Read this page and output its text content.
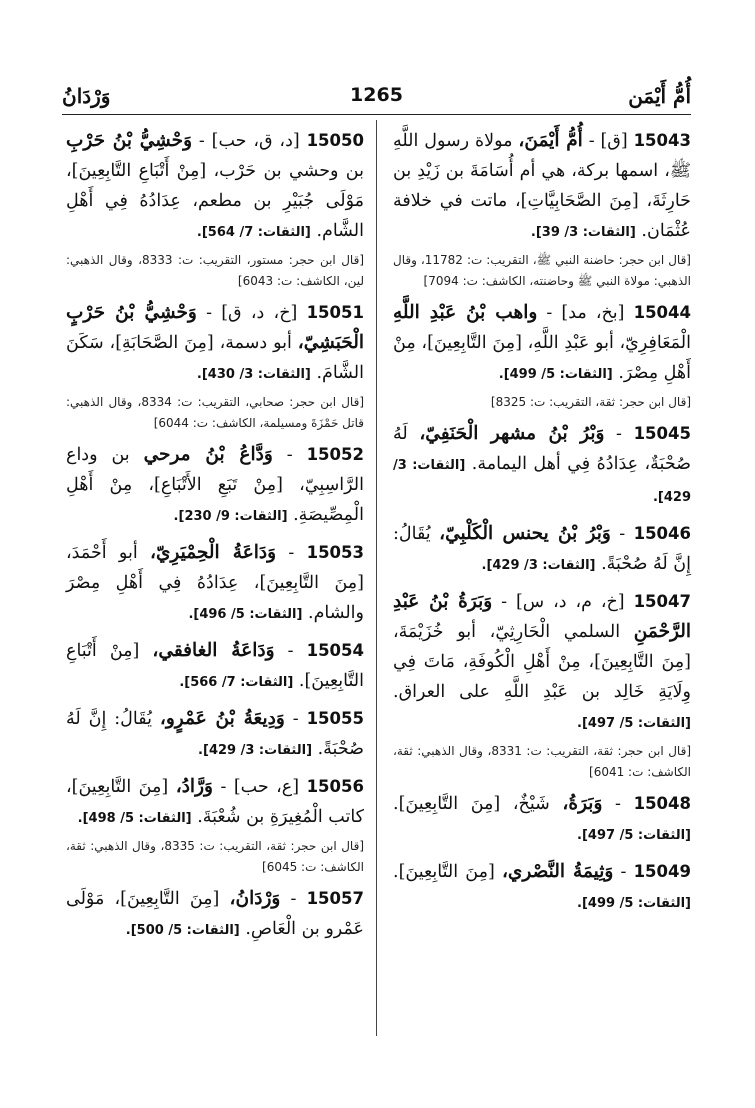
أُمُّ أَيْمَن
1265
وَرْدَانُ
15043 [ق] - أُمُّ أَيْمَنَ، مولاة رسول اللَّهِ ﷺ، اسمها بركة، هي أم أُسَامَةَ بن زَيْدِ بن حَارِثَةَ، [مِنَ الصَّحَابِيَّاتِ]، ماتت في خلافة عُثْمَان. [الثقات: 3/ 39].
[قال ابن حجر: حاضنة النبي ﷺ، التقريب: ت: 11782، وقال الذهبي: مولاة النبي ﷺ وحاضنته، الكاشف: ت: 7094]
15044 [بخ، مد] - واهب بْنُ عَبْدِ اللَّهِ الْمَعَافِرِيّ، أبو عَبْدِ اللَّهِ، [مِنَ التَّابِعِينَ]، مِنْ أَهْلِ مِصْرَ. [الثقات: 5/ 499].
[قال ابن حجر: ثقة، التقريب: ت: 8325]
15045 - وَبْرُ بْنُ مشهر الْحَنَفِيّ، لَهُ صُحْبَةٌ، عِدَادُهُ فِي أهل اليمامة. [الثقات: 3/ 429].
15046 - وَبْرُ بْنُ يحنس الْكَلْبِيّ، يُقَالُ: إِنَّ لَهُ صُحْبَةً. [الثقات: 3/ 429].
15047 [خ، م، د، س] - وَبَرَةُ بْنُ عَبْدِ الرَّحْمَنِ السلمي الْحَارِثِيّ، أبو خُزَيْمَةَ، [مِنَ التَّابِعِينَ]، مِنْ أَهْلِ الْكُوفَةِ، مَاتَ فِي وِلَايَةِ خَالِد بن عَبْدِ اللَّهِ على العراق. [الثقات: 5/ 497].
[قال ابن حجر: ثقة، التقريب: ت: 8331، وقال الذهبي: ثقة، الكاشف: ت: 6041]
15048 - وَبَرَةُ، شَيْخٌ، [مِنَ التَّابِعِينَ]. [الثقات: 5/ 497].
15049 - وَثِيمَةُ النَّصْري، [مِنَ التَّابِعِينَ]. [الثقات: 5/ 499].
15050 [د، ق، حب] - وَحْشِيُّ بْنُ حَرْبِ بن وحشي بن حَرْب، [مِنْ أَتْبَاعِ التَّابِعِينَ]، مَوْلَى جُبَيْرِ بن مطعم، عِدَادُهُ فِي أَهْلِ الشَّام. [الثقات: 7/ 564].
[قال ابن حجر: مستور، التقريب: ت: 8333، وقال الذهبي: لين، الكاشف: ت: 6043]
15051 [خ، د، ق] - وَحْشِيُّ بْنُ حَرْبٍ الْحَبَشِيّ، أبو دسمة، [مِنَ الصَّحَابَةِ]، سَكَنَ الشَّامَ. [الثقات: 3/ 430].
[قال ابن حجر: صحابي، التقريب: ت: 8334، وقال الذهبي: قاتل حَمْزَةَ ومسيلمة، الكاشف: ت: 6044]
15052 - وَدَّاعُ بْنُ مرحي بن وداع الرَّاسِبِيّ، [مِنْ تَبَعِ الأَتْبَاعِ]، مِنْ أَهْلِ الْمِصِّيصَةِ. [الثقات: 9/ 230].
15053 - وَدَاعَةُ الْحِمْيَرِيّ، أبو أَحْمَدَ، [مِنَ التَّابِعِينَ]، عِدَادُهُ فِي أَهْلِ مِصْرَ والشام. [الثقات: 5/ 496].
15054 - وَدَاعَةُ الغافقي، [مِنْ أَتْبَاعِ التَّابِعِينَ]. [الثقات: 7/ 566].
15055 - وَدِيعَةُ بْنُ عَمْرٍو، يُقَالُ: إِنَّ لَهُ صُحْبَةً. [الثقات: 3/ 429].
15056 [ع، حب] - وَرَّادُ، [مِنَ التَّابِعِينَ]، كاتب الْمُغِيرَةِ بن شُعْبَةَ. [الثقات: 5/ 498].
[قال ابن حجر: ثقة، التقريب: ت: 8335، وقال الذهبي: ثقة، الكاشف: ت: 6045]
15057 - وَرْدَانُ، [مِنَ التَّابِعِينَ]، مَوْلَى عَمْرو بن الْعَاصِ. [الثقات: 5/ 500].
